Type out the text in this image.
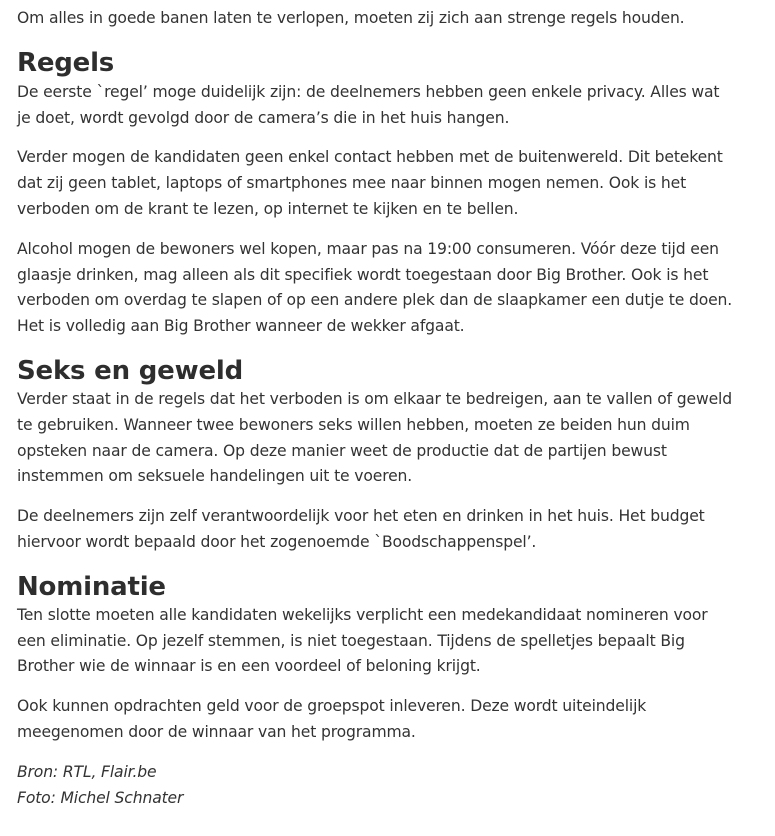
Om alles in goede banen laten te verlopen, moeten zij zich aan strenge regels houden.

Regels

De eerste `regel’ moge duidelijk zijn: de deelnemers hebben geen enkele privacy. Alles wat je doet, wordt gevolgd door de camera’s die in het huis hangen.

Verder mogen de kandidaten geen enkel contact hebben met de buitenwereld. Dit betekent dat zij geen tablet, laptops of smartphones mee naar binnen mogen nemen. Ook is het verboden om de krant te lezen, op internet te kijken en te bellen.

Alcohol mogen de bewoners wel kopen, maar pas na 19:00 consumeren. Vóór deze tijd een glaasje drinken, mag alleen als dit specifiek wordt toegestaan door Big Brother. Ook is het verboden om overdag te slapen of op een andere plek dan de slaapkamer een dutje te doen. Het is volledig aan Big Brother wanneer de wekker afgaat.

Seks en geweld

Verder staat in de regels dat het verboden is om elkaar te bedreigen, aan te vallen of geweld te gebruiken. Wanneer twee bewoners seks willen hebben, moeten ze beiden hun duim opsteken naar de camera. Op deze manier weet de productie dat de partijen bewust instemmen om seksuele handelingen uit te voeren.

De deelnemers zijn zelf verantwoordelijk voor het eten en drinken in het huis. Het budget hiervoor wordt bepaald door het zogenoemde `Boodschappenspel’.

Nominatie

Ten slotte moeten alle kandidaten wekelijks verplicht een medekandidaat nomineren voor een eliminatie. Op jezelf stemmen, is niet toegestaan. Tijdens de spelletjes bepaalt Big Brother wie de winnaar is en een voordeel of beloning krijgt.

Ook kunnen opdrachten geld voor de groepspot inleveren. Deze wordt uiteindelijk meegenomen door de winnaar van het programma.

Bron: RTL, Flair.be

Foto: Michel Schnater
